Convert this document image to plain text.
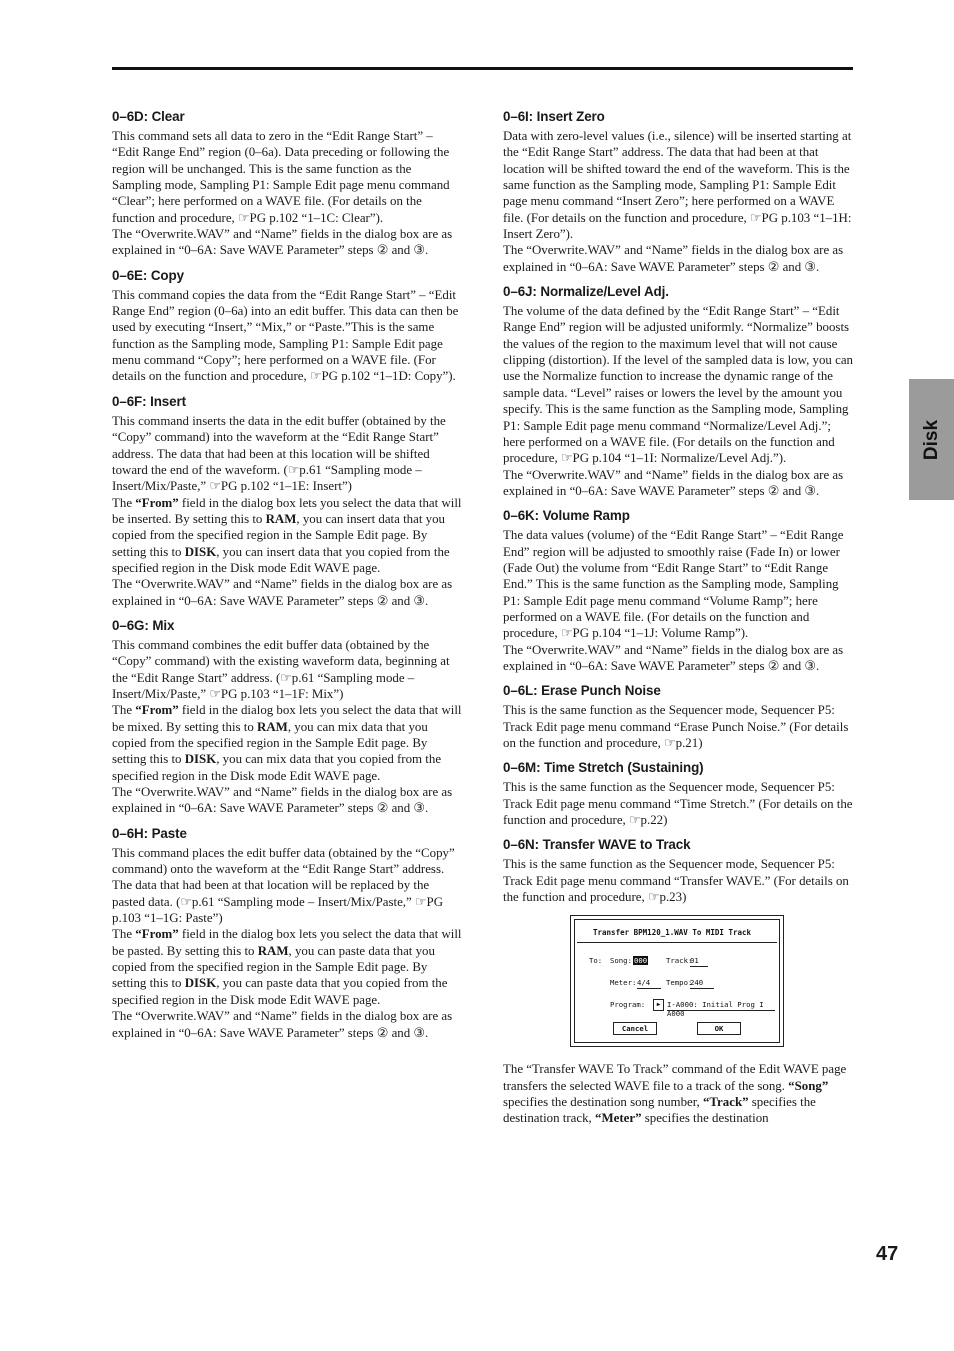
0–6D: Clear

This command sets all data to zero in the “Edit Range Start” – “Edit Range End” region (0–6a). Data preceding or following the region will be unchanged. This is the same function as the Sampling mode, Sampling P1: Sample Edit page menu command “Clear”; here performed on a WAVE file. (For details on the function and procedure, ☞PG p.102 “1–1C: Clear”).
The “Overwrite.WAV” and “Name” fields in the dialog box are as explained in “0–6A: Save WAVE Parameter” steps ② and ③.

0–6E: Copy

This command copies the data from the “Edit Range Start” – “Edit Range End” region (0–6a) into an edit buffer. This data can then be used by executing “Insert,” “Mix,” or “Paste.”This is the same function as the Sampling mode, Sampling P1: Sample Edit page menu command “Copy”; here performed on a WAVE file. (For details on the function and procedure, ☞PG p.102 “1–1D: Copy”).

0–6F: Insert

This command inserts the data in the edit buffer (obtained by the “Copy” command) into the waveform at the “Edit Range Start” address. The data that had been at this location will be shifted toward the end of the waveform. (☞p.61 “Sampling mode – Insert/Mix/Paste,” ☞PG p.102 “1–1E: Insert”)
The “From” field in the dialog box lets you select the data that will be inserted. By setting this to RAM, you can insert data that you copied from the specified region in the Sample Edit page. By setting this to DISK, you can insert data that you copied from the specified region in the Disk mode Edit WAVE page.
The “Overwrite.WAV” and “Name” fields in the dialog box are as explained in “0–6A: Save WAVE Parameter” steps ② and ③.

0–6G: Mix

This command combines the edit buffer data (obtained by the “Copy” command) with the existing waveform data, beginning at the “Edit Range Start” address. (☞p.61 “Sampling mode – Insert/Mix/Paste,” ☞PG p.103 “1–1F: Mix”)
The “From” field in the dialog box lets you select the data that will be mixed. By setting this to RAM, you can mix data that you copied from the specified region in the Sample Edit page. By setting this to DISK, you can mix data that you copied from the specified region in the Disk mode Edit WAVE page.
The “Overwrite.WAV” and “Name” fields in the dialog box are as explained in “0–6A: Save WAVE Parameter” steps ② and ③.

0–6H: Paste

This command places the edit buffer data (obtained by the “Copy” command) onto the waveform at the “Edit Range Start” address. The data that had been at that location will be replaced by the pasted data. (☞p.61 “Sampling mode – Insert/Mix/Paste,” ☞PG p.103 “1–1G: Paste”)
The “From” field in the dialog box lets you select the data that will be pasted. By setting this to RAM, you can paste data that you copied from the specified region in the Sample Edit page. By setting this to DISK, you can paste data that you copied from the specified region in the Disk mode Edit WAVE page.
The “Overwrite.WAV” and “Name” fields in the dialog box are as explained in “0–6A: Save WAVE Parameter” steps ② and ③.

0–6I: Insert Zero

Data with zero-level values (i.e., silence) will be inserted starting at the “Edit Range Start” address. The data that had been at that location will be shifted toward the end of the waveform. This is the same function as the Sampling mode, Sampling P1: Sample Edit page menu command “Insert Zero”; here performed on a WAVE file. (For details on the function and procedure, ☞PG p.103 “1–1H: Insert Zero”).
The “Overwrite.WAV” and “Name” fields in the dialog box are as explained in “0–6A: Save WAVE Parameter” steps ② and ③.

0–6J: Normalize/Level Adj.

The volume of the data defined by the “Edit Range Start” – “Edit Range End” region will be adjusted uniformly. “Normalize” boosts the values of the region to the maximum level that will not cause clipping (distortion). If the level of the sampled data is low, you can use the Normalize function to increase the dynamic range of the sample data. “Level” raises or lowers the level by the amount you specify. This is the same function as the Sampling mode, Sampling P1: Sample Edit page menu command “Normalize/Level Adj.”; here performed on a WAVE file. (For details on the function and procedure, ☞PG p.104 “1–1I: Normalize/Level Adj.”).
The “Overwrite.WAV” and “Name” fields in the dialog box are as explained in “0–6A: Save WAVE Parameter” steps ② and ③.

0–6K: Volume Ramp

The data values (volume) of the “Edit Range Start” – “Edit Range End” region will be adjusted to smoothly raise (Fade In) or lower (Fade Out) the volume from “Edit Range Start” to “Edit Range End.” This is the same function as the Sampling mode, Sampling P1: Sample Edit page menu command “Volume Ramp”; here performed on a WAVE file. (For details on the function and procedure, ☞PG p.104 “1–1J: Volume Ramp”).
The “Overwrite.WAV” and “Name” fields in the dialog box are as explained in “0–6A: Save WAVE Parameter” steps ② and ③.

0–6L: Erase Punch Noise

This is the same function as the Sequencer mode, Sequencer P5: Track Edit page menu command “Erase Punch Noise.” (For details on the function and procedure, ☞p.21)

0–6M: Time Stretch (Sustaining)

This is the same function as the Sequencer mode, Sequencer P5: Track Edit page menu command “Time Stretch.” (For details on the function and procedure, ☞p.22)

0–6N: Transfer WAVE to Track

This is the same function as the Sequencer mode, Sequencer P5: Track Edit page menu command “Transfer WAVE.” (For details on the function and procedure, ☞p.23)

Transfer BPM120_1.WAV To MIDI Track
To: Song: 000	Track:
01
Meter: 4/4	Tempo:
240
Program:	▶ I-A000: Initial Prog I A000
Cancel	OK

The “Transfer WAVE To Track” command of the Edit WAVE page transfers the selected WAVE file to a track of the song. “Song” specifies the destination song number, “Track” specifies the destination track, “Meter” specifies the destination

Disk
47
